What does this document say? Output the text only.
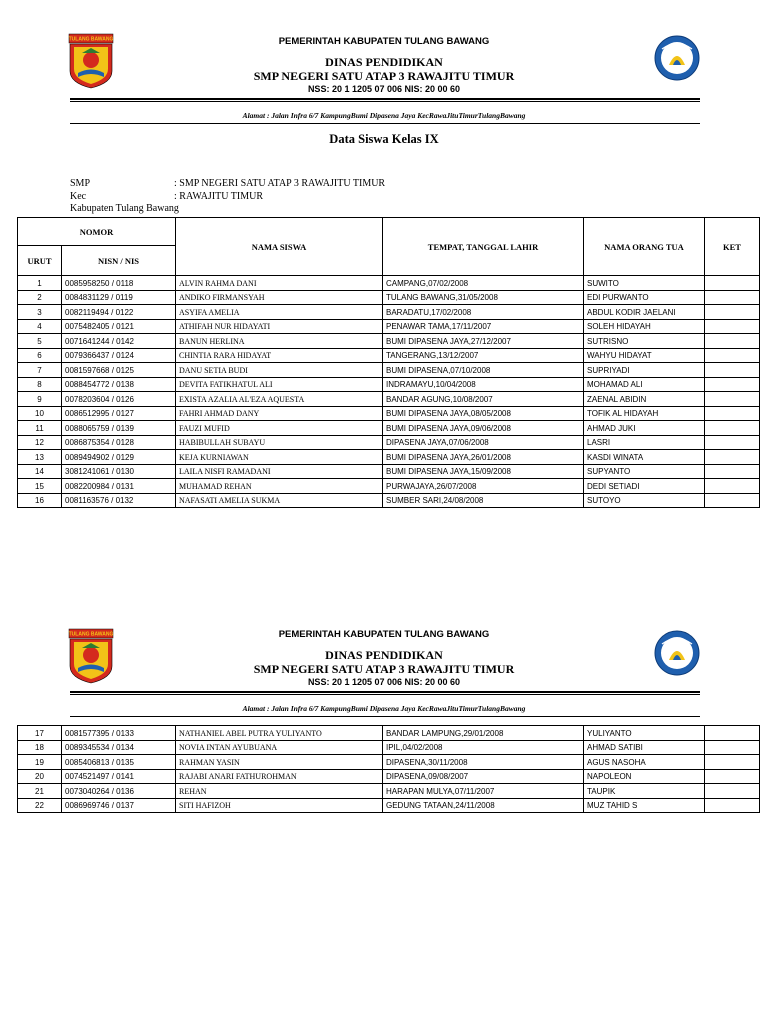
TULANG BAWANG	PEMERINTAH KABUPATEN TULANG BAWANG
DINAS PENDIDIKAN
SMP NEGERI SATU ATAP 3 RAWAJITU TIMUR
NSS: 20 1 1205 07 006 NIS: 20 00 60
Alamat : Jalan Infra 6/7 KampungBumi Dipasena Jaya KecRawaJituTimurTulangBawang
Data Siswa Kelas IX
SMP	: SMP NEGERI SATU ATAP 3 RAWAJITU TIMUR
Kec	: RAWAJITU TIMUR
Kabupaten Tulang Bawang
NOMOR		NAMA SISWA	TEMPAT, TANGGAL LAHIR	NAMA ORANG TUA	KET
URUT	NISN / NIS				
1	0085958250 / 0118	ALVIN RAHMA DANI	CAMPANG,07/02/2008	SUWITO	
2	0084831129 / 0119	ANDIKO FIRMANSYAH	TULANG BAWANG,31/05/2008	EDI PURWANTO	
3	0082119494 / 0122	ASYIFA AMELIA	BARADATU,17/02/2008	ABDUL KODIR JAELANI	
4	0075482405 / 0121	ATHIFAH NUR HIDAYATI	PENAWAR TAMA,17/11/2007	SOLEH HIDAYAH	
5	0071641244 / 0142	BANUN HERLINA	BUMI DIPASENA JAYA,27/12/2007	SUTRISNO	
6	0079366437 / 0124	CHINTIA RARA HIDAYAT	TANGERANG,13/12/2007	WAHYU HIDAYAT	
7	0081597668 / 0125	DANU SETIA BUDI	BUMI DIPASENA,07/10/2008	SUPRIYADI	
8	0088454772 / 0138	DEVITA FATIKHATUL ALI	INDRAMAYU,10/04/2008	MOHAMAD ALI	
9	0078203604 / 0126	EXISTA AZALIA AL'EZA AQUESTA	BANDAR AGUNG,10/08/2007	ZAENAL ABIDIN	
10	0086512995 / 0127	FAHRI AHMAD DANY	BUMI DIPASENA JAYA,08/05/2008	TOFIK AL HIDAYAH	
11	0088065759 / 0139	FAUZI MUFID	BUMI DIPASENA JAYA,09/06/2008	AHMAD JUKI	
12	0086875354 / 0128	HABIBULLAH SUBAYU	DIPASENA JAYA,07/06/2008	LASRI	
13	0089494902 / 0129	KEJA KURNIAWAN	BUMI DIPASENA JAYA,26/01/2008	KASDI WINATA	
14	3081241061 / 0130	LAILA NISFI RAMADANI	BUMI DIPASENA JAYA,15/09/2008	SUPYANTO	
15	0082200984 / 0131	MUHAMAD REHAN	PURWAJAYA,26/07/2008	DEDI SETIADI	
16	0081163576 / 0132	NAFASATI AMELIA SUKMA	SUMBER SARI,24/08/2008	SUTOYO	
TULANG BAWANG	PEMERINTAH KABUPATEN TULANG BAWANG
DINAS PENDIDIKAN
SMP NEGERI SATU ATAP 3 RAWAJITU TIMUR
NSS: 20 1 1205 07 006 NIS: 20 00 60
Alamat : Jalan Infra 6/7 KampungBumi Dipasena Jaya KecRawaJituTimurTulangBawang
17	0081577395 / 0133	NATHANIEL ABEL PUTRA YULIYANTO	BANDAR LAMPUNG,29/01/2008	YULIYANTO	
18	0089345534 / 0134	NOVIA INTAN AYUBUANA	IPIL,04/02/2008	AHMAD SATIBI	
19	0085406813 / 0135	RAHMAN YASIN	DIPASENA,30/11/2008	AGUS NASOHA	
20	0074521497 / 0141	RAJABI ANARI FATHUROHMAN	DIPASENA,09/08/2007	NAPOLEON	
21	0073040264 / 0136	REHAN	HARAPAN MULYA,07/11/2007	TAUPIK	
22	0086969746 / 0137	SITI HAFIZOH	GEDUNG TATAAN,24/11/2008	MUZ TAHID S	
